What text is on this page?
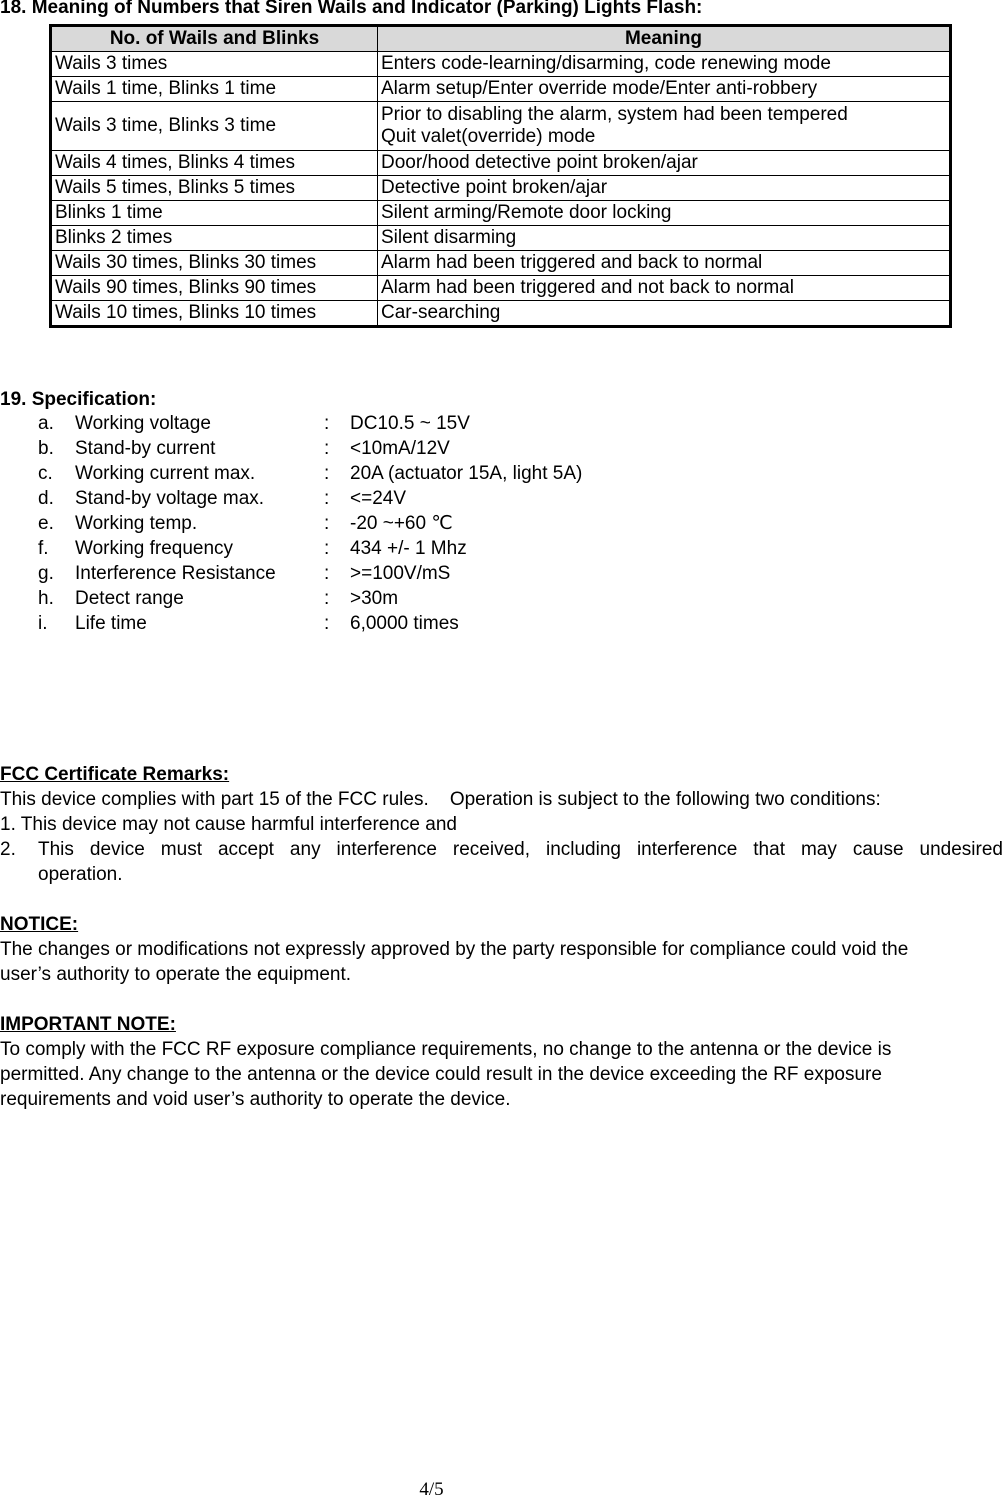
18. Meaning of Numbers that Siren Wails and Indicator (Parking) Lights Flash:
No. of Wails and Blinks	Meaning
Wails 3 times	Enters code-learning/disarming, code renewing mode
Wails 1 time, Blinks 1 time	Alarm setup/Enter override mode/Enter anti-robbery
Wails 3 time, Blinks 3 time	Prior to disabling the alarm, system had been tempered
Quit valet(override) mode

Wails 4 times, Blinks 4 times	Door/hood detective point broken/ajar
Wails 5 times, Blinks 5 times	Detective point broken/ajar
Blinks 1 time	Silent arming/Remote door locking
Blinks 2 times	Silent disarming
Wails 30 times, Blinks 30 times	Alarm had been triggered and back to normal
Wails 90 times, Blinks 90 times	Alarm had been triggered and not back to normal
Wails 10 times, Blinks 10 times	Car-searching
19. Specification:
a. Working voltage	: DC10.5 ~ 15V
b. Stand-by current	: <10mA/12V
c. Working current max.	: 20A (actuator 15A, light 5A)
d. Stand-by voltage max.	: <=24V
e. Working temp.	: -20 ~+60 ℃
f. Working frequency	: 434 +/- 1 Mhz
g. Interference Resistance	: >=100V/mS
h. Detect range	: >30m
i. Life time	: 6,0000 times
FCC Certificate Remarks:
This device complies with part 15 of the FCC rules.    Operation is subject to the following two conditions:
1. This device may not cause harmful interference and
2. This device must accept any interference received, including interference that may cause undesired
operation.
NOTICE:
The changes or modifications not expressly approved by the party responsible for compliance could void the
user’s authority to operate the equipment.
IMPORTANT NOTE:
To comply with the FCC RF exposure compliance requirements, no change to the antenna or the device is
permitted. Any change to the antenna or the device could result in the device exceeding the RF exposure
requirements and void user’s authority to operate the device.
4/5
